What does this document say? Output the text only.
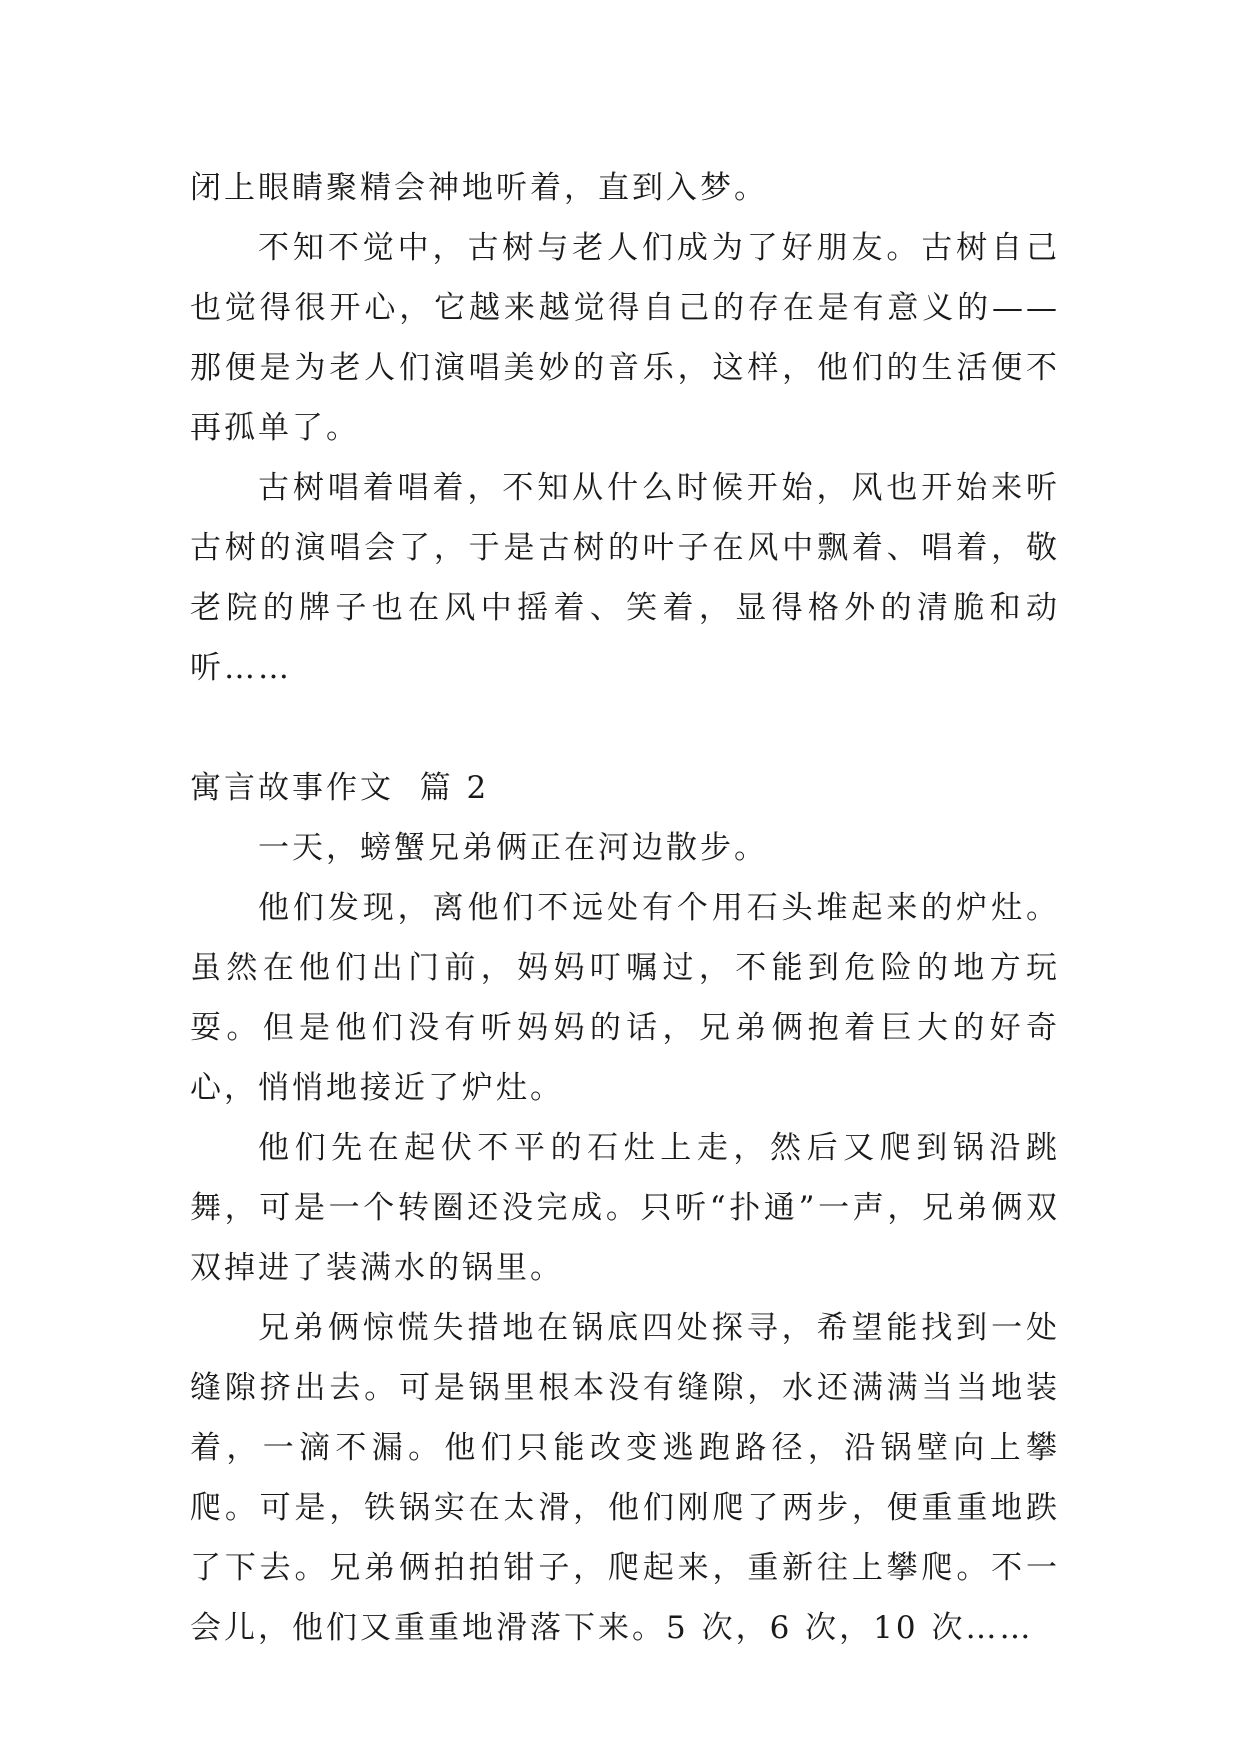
闭上眼睛聚精会神地听着，直到入梦。

不知不觉中，古树与老人们成为了好朋友。古树自己也觉得很开心，它越来越觉得自己的存在是有意义的——那便是为老人们演唱美妙的音乐，这样，他们的生活便不再孤单了。

古树唱着唱着，不知从什么时候开始，风也开始来听古树的演唱会了，于是古树的叶子在风中飘着、唱着，敬老院的牌子也在风中摇着、笑着，显得格外的清脆和动听……

寓言故事作文  篇 2

一天，螃蟹兄弟俩正在河边散步。

他们发现，离他们不远处有个用石头堆起来的炉灶。虽然在他们出门前，妈妈叮嘱过，不能到危险的地方玩耍。但是他们没有听妈妈的话，兄弟俩抱着巨大的好奇心，悄悄地接近了炉灶。

他们先在起伏不平的石灶上走，然后又爬到锅沿跳舞，可是一个转圈还没完成。只听“扑通”一声，兄弟俩双双掉进了装满水的锅里。

兄弟俩惊慌失措地在锅底四处探寻，希望能找到一处缝隙挤出去。可是锅里根本没有缝隙，水还满满当当地装着，一滴不漏。他们只能改变逃跑路径，沿锅壁向上攀爬。可是，铁锅实在太滑，他们刚爬了两步，便重重地跌了下去。兄弟俩拍拍钳子，爬起来，重新往上攀爬。不一会儿，他们又重重地滑落下来。5 次，6 次，10 次……
